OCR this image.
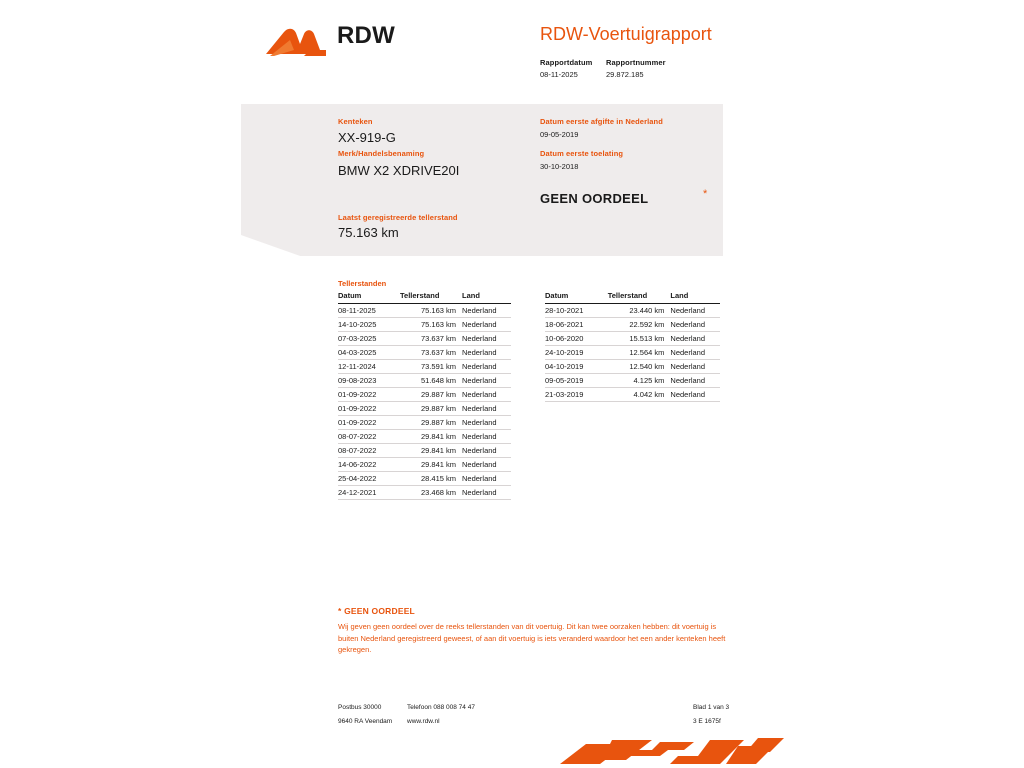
RDW	RDW-Voertuigrapport
Rapportdatum
08-11-2025
Rapportnummer
29.872.185
Kenteken
XX-919-G
Merk/Handelsbenaming
BMW X2 XDRIVE20I
Laatst geregistreerde tellerstand
75.163 km
Datum eerste afgifte in Nederland
09-05-2019
Datum eerste toelating
30-10-2018
GEEN OORDEEL	*
Tellerstanden
Datum	Tellerstand	Land
08-11-2025	75.163 km	Nederland
14-10-2025	75.163 km	Nederland
07-03-2025	73.637 km	Nederland
04-03-2025	73.637 km	Nederland
12-11-2024	73.591 km	Nederland
09-08-2023	51.648 km	Nederland
01-09-2022	29.887 km	Nederland
01-09-2022	29.887 km	Nederland
01-09-2022	29.887 km	Nederland
08-07-2022	29.841 km	Nederland
08-07-2022	29.841 km	Nederland
14-06-2022	29.841 km	Nederland
25-04-2022	28.415 km	Nederland
24-12-2021	23.468 km	Nederland
Datum	Tellerstand	Land
28-10-2021	23.440 km	Nederland
18-06-2021	22.592 km	Nederland
10-06-2020	15.513 km	Nederland
24-10-2019	12.564 km	Nederland
04-10-2019	12.540 km	Nederland
09-05-2019	4.125 km	Nederland
21-03-2019	4.042 km	Nederland
* GEEN OORDEEL
Wij geven geen oordeel over de reeks tellerstanden van dit voertuig. Dit kan twee oorzaken hebben: dit voertuig is buiten Nederland geregistreerd geweest, of aan dit voertuig is iets veranderd waardoor het een ander kenteken heeft gekregen.
Postbus 30000
9640 RA Veendam
Telefoon 088 008 74 47
www.rdw.nl
Blad 1 van 3
3 E 1675f
